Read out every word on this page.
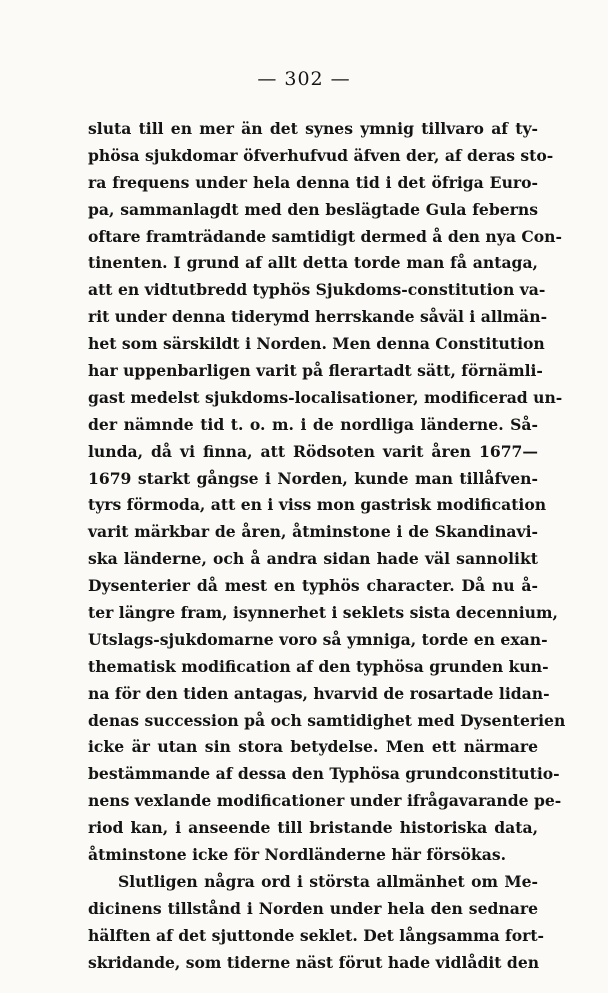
— 302 —
sluta till en mer än det synes ymnig tillvaro af ty-
phösa sjukdomar öfverhufvud äfven der, af deras sto-
ra frequens under hela denna tid i det öfriga Euro-
pa, sammanlagdt med den beslägtade Gula feberns
oftare framträdande samtidigt dermed å den nya Con-
tinenten. I grund af allt detta torde man få antaga,
att en vidtutbredd typhös Sjukdoms-constitution va-
rit under denna tiderymd herrskande såväl i allmän-
het som särskildt i Norden. Men denna Constitution
har uppenbarligen varit på flerartadt sätt, förnämli-
gast medelst sjukdoms-localisationer, modificerad un-
der nämnde tid t. o. m. i de nordliga länderne. Så-
lunda, då vi finna, att Rödsoten varit åren 1677—
1679 starkt gångse i Norden, kunde man tillåfven-
tyrs förmoda, att en i viss mon gastrisk modification
varit märkbar de åren, åtminstone i de Skandinavi-
ska länderne, och å andra sidan hade väl sannolikt
Dysenterier då mest en typhös character. Då nu å-
ter längre fram, isynnerhet i seklets sista decennium,
Utslags-sjukdomarne voro så ymniga, torde en exan-
thematisk modification af den typhösa grunden kun-
na för den tiden antagas, hvarvid de rosartade lidan-
denas succession på och samtidighet med Dysenterien
icke är utan sin stora betydelse. Men ett närmare
bestämmande af dessa den Typhösa grundconstitutio-
nens vexlande modificationer under ifrågavarande pe-
riod kan, i anseende till bristande historiska data,
åtminstone icke för Nordländerne här försökas.
Slutligen några ord i största allmänhet om Me-
dicinens tillstånd i Norden under hela den sednare
hälften af det sjuttonde seklet. Det långsamma fort-
skridande, som tiderne näst förut hade vidlådit den
